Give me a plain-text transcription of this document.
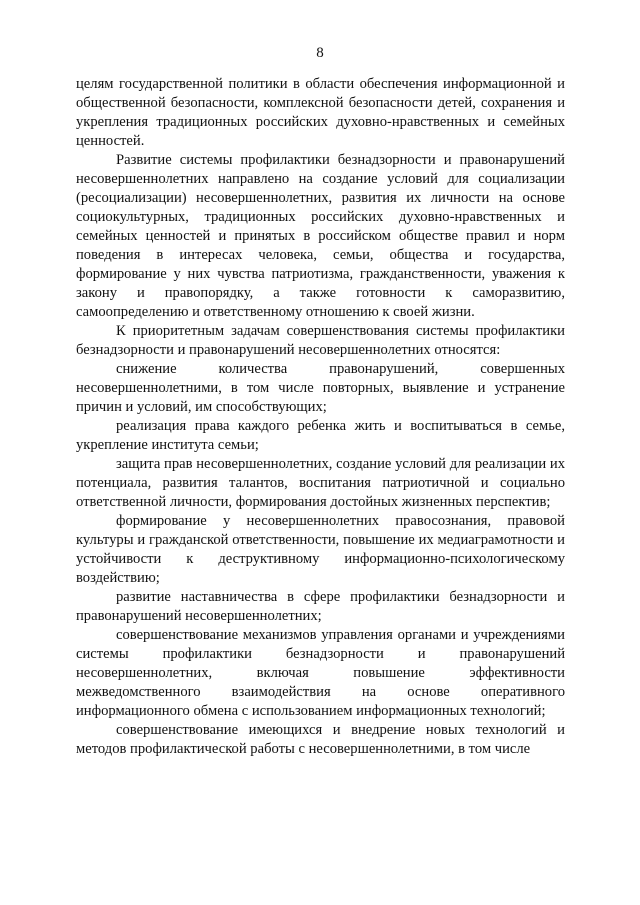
8

целям государственной политики в области обеспечения информационной и общественной безопасности, комплексной безопасности детей, сохранения и укрепления традиционных российских духовно-нравственных и семейных ценностей.

Развитие системы профилактики безнадзорности и правонарушений несовершеннолетних направлено на создание условий для социализации (ресоциализации) несовершеннолетних, развития их личности на основе социокультурных, традиционных российских духовно-нравственных и семейных ценностей и принятых в российском обществе правил и норм поведения в интересах человека, семьи, общества и государства, формирование у них чувства патриотизма, гражданственности, уважения к закону и правопорядку, а также готовности к саморазвитию, самоопределению и ответственному отношению к своей жизни.

К приоритетным задачам совершенствования системы профилактики безнадзорности и правонарушений несовершеннолетних относятся:

снижение количества правонарушений, совершенных несовершеннолетними, в том числе повторных, выявление и устранение причин и условий, им способствующих;

реализация права каждого ребенка жить и воспитываться в семье, укрепление института семьи;

защита прав несовершеннолетних, создание условий для реализации их потенциала, развития талантов, воспитания патриотичной и социально ответственной личности, формирования достойных жизненных перспектив;

формирование у несовершеннолетних правосознания, правовой культуры и гражданской ответственности, повышение их медиаграмотности и устойчивости к деструктивному информационно-психологическому воздействию;

развитие наставничества в сфере профилактики безнадзорности и правонарушений несовершеннолетних;

совершенствование механизмов управления органами и учреждениями системы профилактики безнадзорности и правонарушений несовершеннолетних, включая повышение эффективности межведомственного взаимодействия на основе оперативного информационного обмена с использованием информационных технологий;

совершенствование имеющихся и внедрение новых технологий и методов профилактической работы с несовершеннолетними, в том числе
